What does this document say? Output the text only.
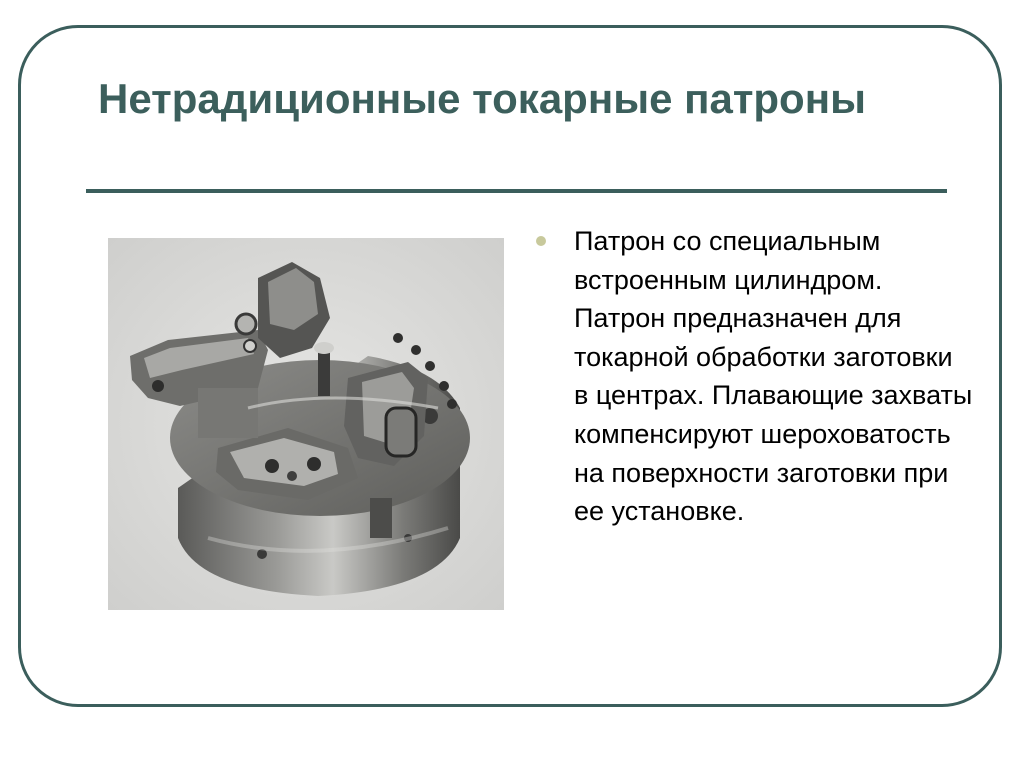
Нетрадиционные токарные патроны

Патрон со специальным встроенным цилиндром. Патрон предназначен для токарной обработки заготовки в центрах. Плавающие захваты компенсируют шероховатость на поверхности заготовки при ее установке.
